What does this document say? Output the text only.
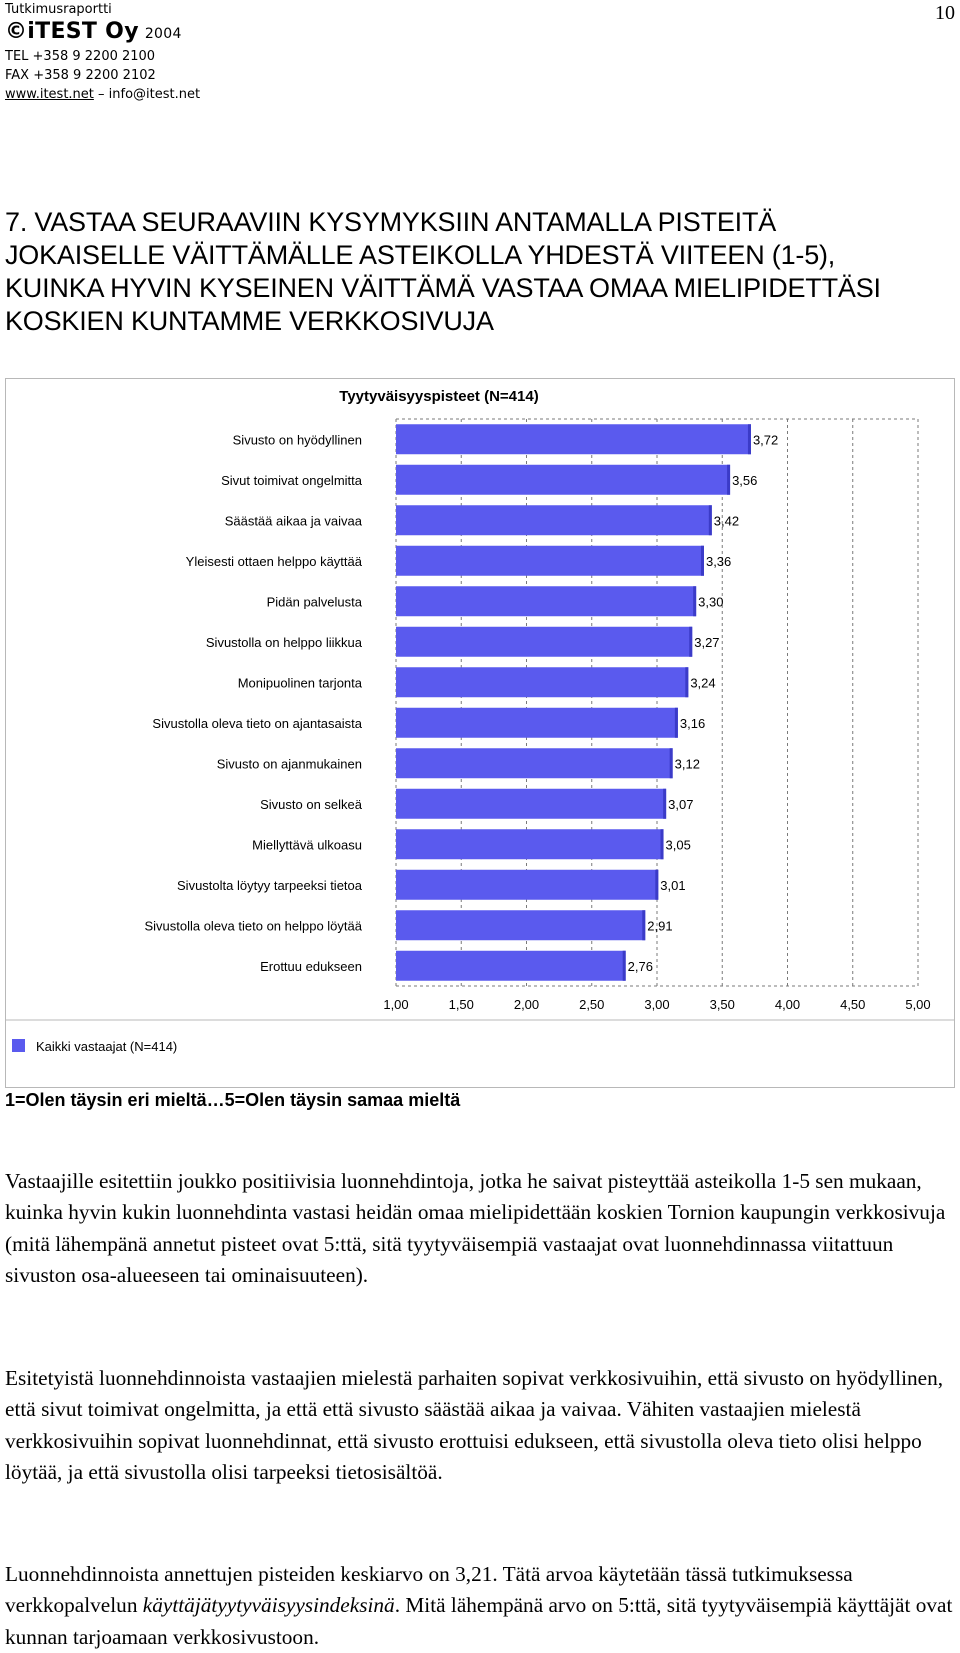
Tutkimusraportti
©iTEST Oy 2004
TEL +358 9 2200 2100
FAX +358 9 2200 2102
www.itest.net – info@itest.net
10
7. VASTAA SEURAAVIIN KYSYMYKSIIN ANTAMALLA PISTEITÄ JOKAISELLE VÄITTÄMÄLLE ASTEIKOLLA YHDESTÄ VIITEEN (1-5), KUINKA HYVIN KYSEINEN VÄITTÄMÄ VASTAA OMAA MIELIPIDETTÄSI KOSKIEN KUNTAMME VERKKOSIVUJA
1,00	1,50	2,00	2,50	3,00	3,50	4,00	4,50	5,00
3,72
Sivusto on hyödyllinen
3,56
Sivut toimivat ongelmitta
3,42
Säästää aikaa ja vaivaa
3,36
Yleisesti ottaen helppo käyttää
3,30
Pidän palvelusta
3,27
Sivustolla on helppo liikkua
3,24
Monipuolinen tarjonta
3,16
Sivustolla oleva tieto on ajantasaista
3,12
Sivusto on ajanmukainen
3,07
Sivusto on selkeä
3,05
Miellyttävä ulkoasu
3,01
Sivustolta löytyy tarpeeksi tietoa
2,91
Sivustolla oleva tieto on helppo löytää
2,76
Erottuu edukseen
Tyytyväisyyspisteet (N=414)
Kaikki vastaajat (N=414)
1=Olen täysin eri mieltä…5=Olen täysin samaa mieltä

Vastaajille esitettiin joukko positiivisia luonnehdintoja, jotka he saivat pisteyttää asteikolla 1-5 sen mukaan, kuinka hyvin kukin luonnehdinta vastasi heidän omaa mielipidettään koskien Tornion kaupungin verkkosivuja (mitä lähempänä annetut pisteet ovat 5:ttä, sitä tyytyväisempiä vastaajat ovat luonnehdinnassa viitattuun sivuston osa-alueeseen tai ominaisuuteen).

Esitetyistä luonnehdinnoista vastaajien mielestä parhaiten sopivat verkkosivuihin, että sivusto on hyödyllinen, että sivut toimivat ongelmitta, ja että että sivusto säästää aikaa ja vaivaa. Vähiten vastaajien mielestä verkkosivuihin sopivat luonnehdinnat, että sivusto erottuisi edukseen, että sivustolla oleva tieto olisi helppo löytää, ja että sivustolla olisi tarpeeksi tietosisältöä.

Luonnehdinnoista annettujen pisteiden keskiarvo on 3,21. Tätä arvoa käytetään tässä tutkimuksessa verkkopalvelun käyttäjätyytyväisyysindeksinä. Mitä lähempänä arvo on 5:ttä, sitä tyytyväisempiä käyttäjät ovat kunnan tarjoamaan verkkosivustoon.
